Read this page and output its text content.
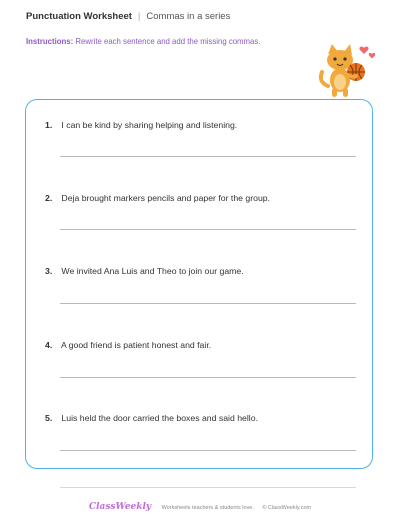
Punctuation Worksheet | Commas in a series
Instructions: Rewrite each sentence and add the missing commas.
1. I can be kind by sharing helping and listening.
2. Deja brought markers pencils and paper for the group.
3. We invited Ana Luis and Theo to join our game.
4. A good friend is patient honest and fair.
5. Luis held the door carried the boxes and said hello.
ClassWeekly Worksheets teachers & students love. © ClassWeekly.com
